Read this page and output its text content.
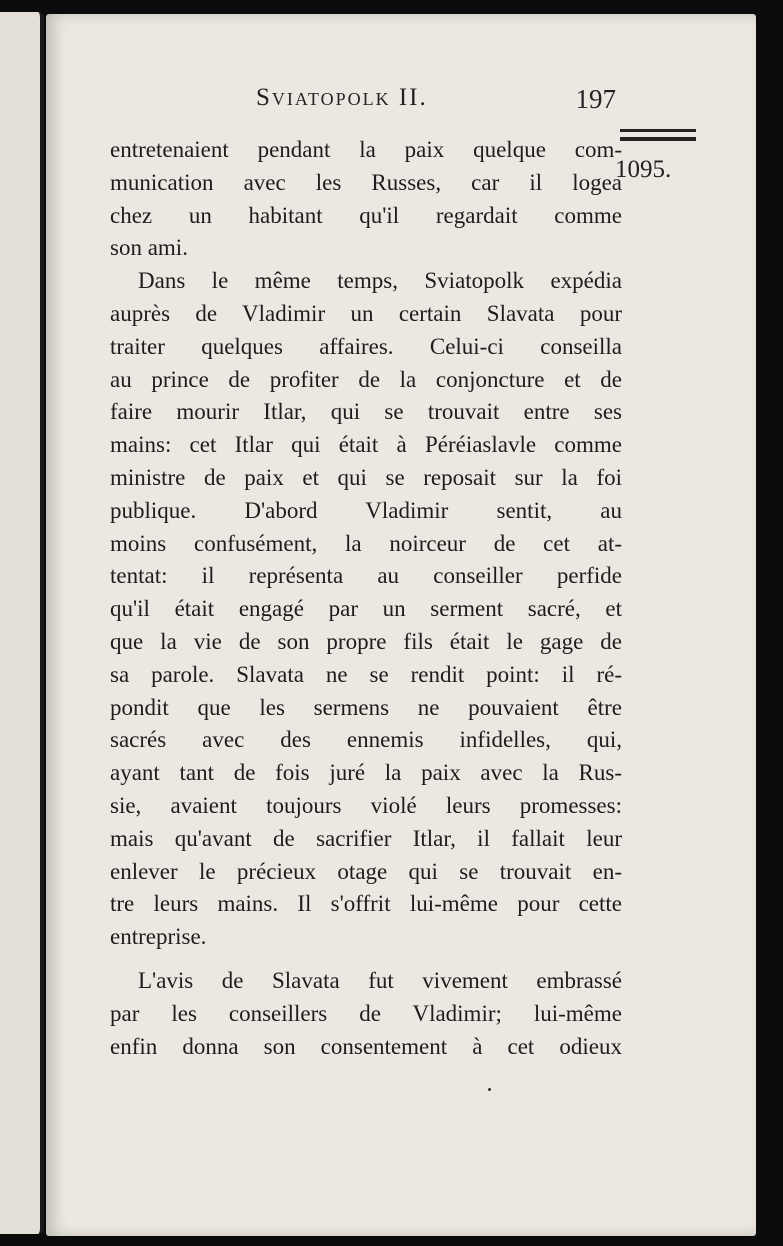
Sviatopolk II.	197
1095.
entretenaient pendant la paix quelque com-
munication avec les Russes, car il logea
chez un habitant qu'il regardait comme
son ami.
Dans le même temps, Sviatopolk expédia
auprès de Vladimir un certain Slavata pour
traiter quelques affaires. Celui-ci conseilla
au prince de profiter de la conjoncture et de
faire mourir Itlar, qui se trouvait entre ses
mains: cet Itlar qui était à Péréiaslavle comme
ministre de paix et qui se reposait sur la foi
publique. D'abord Vladimir sentit, au
moins confusément, la noirceur de cet at-
tentat: il représenta au conseiller perfide
qu'il était engagé par un serment sacré, et
que la vie de son propre fils était le gage de
sa parole. Slavata ne se rendit point: il ré-
pondit que les sermens ne pouvaient être
sacrés avec des ennemis infidelles, qui,
ayant tant de fois juré la paix avec la Rus-
sie, avaient toujours violé leurs promesses:
mais qu'avant de sacrifier Itlar, il fallait leur
enlever le précieux otage qui se trouvait en-
tre leurs mains. Il s'offrit lui-même pour cette
entreprise.
L'avis de Slavata fut vivement embrassé
par les conseillers de Vladimir; lui-même
enfin donna son consentement à cet odieux
